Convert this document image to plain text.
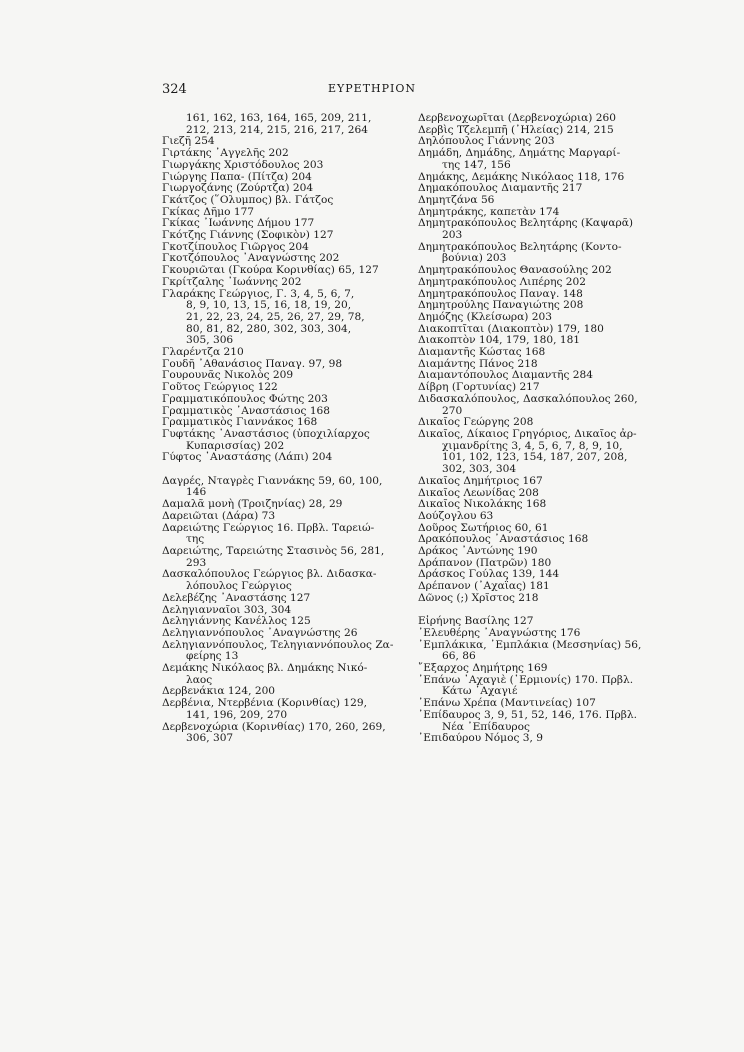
324	ΕΥΡΕΤΗΡΙΟΝ
161, 162, 163, 164, 165, 209, 211,
212, 213, 214, 215, 216, 217, 264
Γιεζῆ 254
Γιρτάκης ᾽Αγγελῆς 202
Γιωργάκης Χριστόδουλος 203
Γιώργης Παπα- (Πίτζα) 204
Γιωργοζάνης (Ζούρτζα) 204
Γκάτζος (῞Ολυμπος) βλ. Γάτζος
Γκίκας Δῆμο 177
Γκίκας ᾽Ιωάννης Δήμου 177
Γκότζης Γιάννης (Σοφικὸν) 127
Γκοτζίπουλος Γιῶργος 204
Γκοτζόπουλος ᾽Αναγνώστης 202
Γκουριῶται (Γκούρα Κορινθίας) 65, 127
Γκρίτζαλης ᾽Ιωάννης 202
Γλαράκης Γεώργιος, Γ. 3, 4, 5, 6, 7,
8, 9, 10, 13, 15, 16, 18, 19, 20,
21, 22, 23, 24, 25, 26, 27, 29, 78,
80, 81, 82, 280, 302, 303, 304,
305, 306
Γλαρέντζα 210
Γουδῆ ᾽Αθανάσιος Παναγ. 97, 98
Γουρουνᾶς Νικολὸς 209
Γοῦτος Γεώργιος 122
Γραμματικόπουλος Φώτης 203
Γραμματικὸς ᾽Αναστάσιος 168
Γραμματικὸς Γιαννάκος 168
Γυφτάκης ᾽Αναστάσιος (ὑποχιλίαρχος
Κυπαρισσίας) 202
Γύφτος ᾽Αναστάσης (Λάπι) 204
Δαγρές, Νταγρὲς Γιαννάκης 59, 60, 100,
146
Δαμαλᾶ μονὴ (Τροιζηνίας) 28, 29
Δαρειῶται (Δάρα) 73
Δαρειώτης Γεώργιος 16. Πρβλ. Ταρειώ-
της
Δαρειώτης, Ταρειώτης Στασινὸς 56, 281,
293
Δασκαλόπουλος Γεώργιος βλ. Διδασκα-
λόπουλος Γεώργιος
Δελεβέζης ᾽Αναστάσης 127
Δεληγιανναῖοι 303, 304
Δεληγιάννης Κανέλλος 125
Δεληγιαννόπουλος ᾽Αναγνώστης 26
Δεληγιαννόπουλος, Τεληγιαννόπουλος Ζα-
φείρης 13
Δεμάκης Νικόλαος βλ. Δημάκης Νικό-
λαος
Δερβενάκια 124, 200
Δερβένια, Ντερβένια (Κορινθίας) 129,
141, 196, 209, 270
Δερβενοχώρια (Κορινθίας) 170, 260, 269,
306, 307
Δερβενοχωρῖται (Δερβενοχώρια) 260
Δερβὶς Τζελεμπῆ (᾽Ηλείας) 214, 215
Δηλόπουλος Γιάννης 203
Δημάδη, Δημάδης, Δημάτης Μαργαρί-
της 147, 156
Δημάκης, Δεμάκης Νικόλαος 118, 176
Δημακόπουλος Διαμαντῆς 217
Δημητζάνα 56
Δημητράκης, καπετὰν 174
Δημητρακόπουλος Βελητάρης (Καψαρᾶ)
203
Δημητρακόπουλος Βελητάρης (Κοντο-
βούνια) 203
Δημητρακόπουλος Θανασούλης 202
Δημητρακόπουλος Λιπέρης 202
Δημητρακόπουλος Παναγ. 148
Δημητρούλης Παναγιώτης 208
Δημόζης (Κλείσωρα) 203
Διακοπτῖται (Διακοπτὸν) 179, 180
Διακοπτὸν 104, 179, 180, 181
Διαμαντῆς Κώστας 168
Διαμάντης Πάνος 218
Διαμαντόπουλος Διαμαντῆς 284
Δίβρη (Γορτυνίας) 217
Διδασκαλόπουλος, Δασκαλόπουλος 260,
270
Δικαῖος Γεώργης 208
Δικαῖος, Δίκαιος Γρηγόριος, Δικαῖος ἀρ-
χιμανδρίτης 3, 4, 5, 6, 7, 8, 9, 10,
101, 102, 123, 154, 187, 207, 208,
302, 303, 304
Δικαῖος Δημήτριος 167
Δικαῖος Λεωνίδας 208
Δικαῖος Νικολάκης 168
Δούζογλου 63
Δοῦρος Σωτήριος 60, 61
Δρακόπουλος ᾽Αναστάσιος 168
Δράκος ᾽Αντώνης 190
Δράπανον (Πατρῶν) 180
Δράσκος Γούλας 139, 144
Δρέπανον (᾽Αχαΐας) 181
Δῶνος (;) Χρῖστος 218
Εἰρήνης Βασίλης 127
᾽Ελευθέρης ᾽Αναγνώστης 176
᾽Εμπλάκικα, ᾽Εμπλάκια (Μεσσηνίας) 56,
66, 86
῎Εξαρχος Δημήτρης 169
᾽Επάνω ᾽Αχαγιὲ (῾Ερμιονίς) 170. Πρβλ.
Κάτω ᾽Αχαγιέ
᾽Επάνω Χρέπα (Μαντινείας) 107
᾽Επίδαυρος 3, 9, 51, 52, 146, 176. Πρβλ.
Νέα ᾽Επίδαυρος
᾽Επιδαύρου Νόμος 3, 9
